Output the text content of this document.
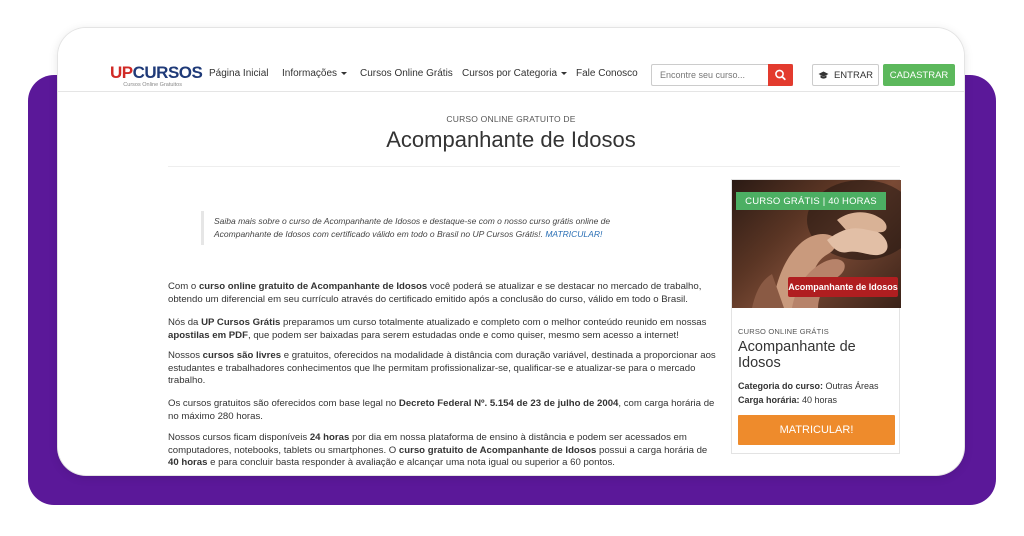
UPCURSOS
Cursos Online Gratuitos
Página Inicial Informações	Cursos Online Grátis Cursos por Categoria	Fale Conosco	Encontre seu curso...	ENTRAR	CADASTRAR
CURSO ONLINE GRATUITO DE
Acompanhante de Idosos
Saiba mais sobre o curso de Acompanhante de Idosos e destaque-se com o nosso curso grátis online de Acompanhante de Idosos com certificado válido em todo o Brasil no UP Cursos Grátis!. MATRICULAR!
Com o curso online gratuito de Acompanhante de Idosos você poderá se atualizar e se destacar no mercado de trabalho, obtendo um diferencial em seu currículo através do certificado emitido após a conclusão do curso, válido em todo o Brasil.
Nós da UP Cursos Grátis preparamos um curso totalmente atualizado e completo com o melhor conteúdo reunido em nossas apostilas em PDF, que podem ser baixadas para serem estudadas onde e como quiser, mesmo sem acesso a internet!
Nossos cursos são livres e gratuitos, oferecidos na modalidade à distância com duração variável, destinada a proporcionar aos estudantes e trabalhadores conhecimentos que lhe permitam profissionalizar-se, qualificar-se e atualizar-se para o mercado trabalho.
Os cursos gratuitos são oferecidos com base legal no Decreto Federal Nº. 5.154 de 23 de julho de 2004, com carga horária de no máximo 280 horas.
Nossos cursos ficam disponíveis 24 horas por dia em nossa plataforma de ensino à distância e podem ser acessados em computadores, notebooks, tablets ou smartphones. O curso gratuito de Acompanhante de Idosos possui a carga horária de 40 horas e para concluir basta responder à avaliação e alcançar uma nota igual ou superior a 60 pontos.
CURSO GRÁTIS | 40 HORAS
Acompanhante de Idosos
CURSO ONLINE GRÁTIS
Acompanhante de Idosos
Categoria do curso: Outras Áreas
Carga horária: 40 horas
MATRICULAR!
